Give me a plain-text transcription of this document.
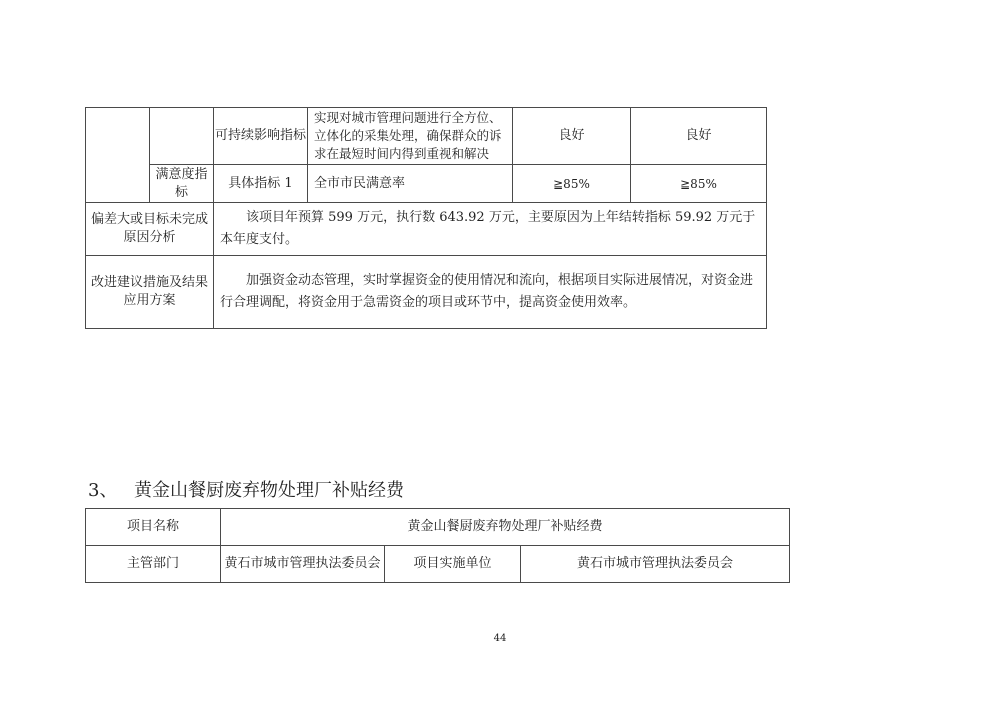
		可持续影响指标	实现对城市管理问题进行全方位、立体化的采集处理，确保群众的诉求在最短时间内得到重视和解决	良好	良好
	满意度指标	具体指标 1	全市市民满意率	≧85%	≧85%
偏差大或目标未完成原因分析		该项目年预算 599 万元，执行数 643.92 万元，主要原因为上年结转指标 59.92 万元于本年度支付。			
改进建议措施及结果应用方案		加强资金动态管理，实时掌握资金的使用情况和流向，根据项目实际进展情况，对资金进行合理调配，将资金用于急需资金的项目或环节中，提高资金使用效率。			
3、 黄金山餐厨废弃物处理厂补贴经费
项目名称	黄金山餐厨废弃物处理厂补贴经费		
主管部门	黄石市城市管理执法委员会	项目实施单位	黄石市城市管理执法委员会
44
